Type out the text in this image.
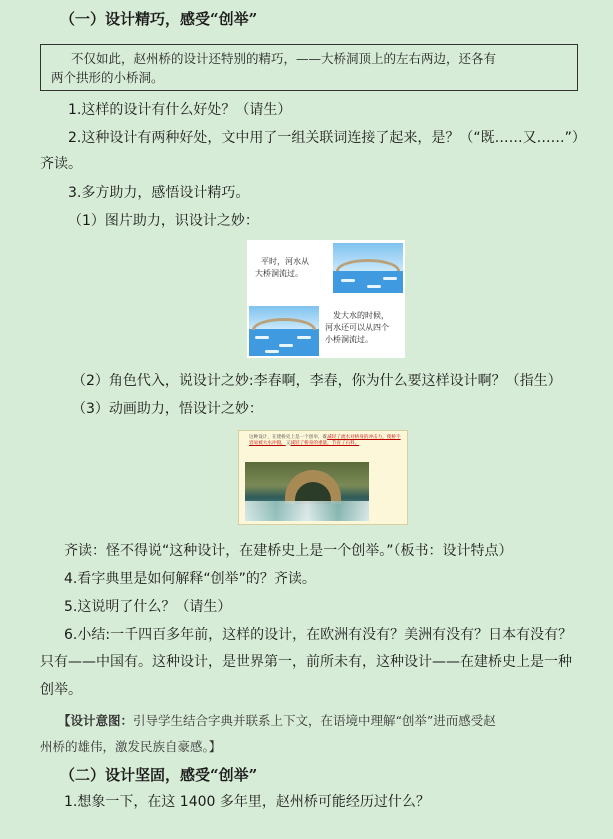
（一）设计精巧，感受“创举”
不仅如此，赵州桥的设计还特别的精巧，——大桥洞顶上的左右两边，还各有
两个拱形的小桥洞。
1.这样的设计有什么好处？（请生）
2.这种设计有两种好处，文中用了一组关联词连接了起来，是？（“既……又……”）
齐读。
3.多方助力，感悟设计精巧。
（1）图片助力，识设计之妙：
平时，河水从
大桥洞流过。
发大水的时候，
河水还可以从四个
小桥洞流过。
（2）角色代入，说设计之妙:李春啊，李春，你为什么要这样设计啊？（指生）
（3）动画助力，悟设计之妙：
这种设计，在建桥史上是一个创举，既减轻了流水对桥身的冲击力，使桥不容易被大水冲毁，又减轻了桥身的重量，节省了石料。
齐读：怪不得说“这种设计，在建桥史上是一个创举。”（板书：设计特点）
4.看字典里是如何解释“创举”的？齐读。
5.这说明了什么？（请生）
6.小结:一千四百多年前，这样的设计，在欧洲有没有？美洲有没有？日本有没有？
只有——中国有。这种设计，是世界第一，前所未有，这种设计——在建桥史上是一种
创举。
【设计意图：引导学生结合字典并联系上下文，在语境中理解“创举”进而感受赵
州桥的雄伟，激发民族自豪感。】
（二）设计坚固，感受“创举”
1.想象一下，在这 1400 多年里，赵州桥可能经历过什么？
